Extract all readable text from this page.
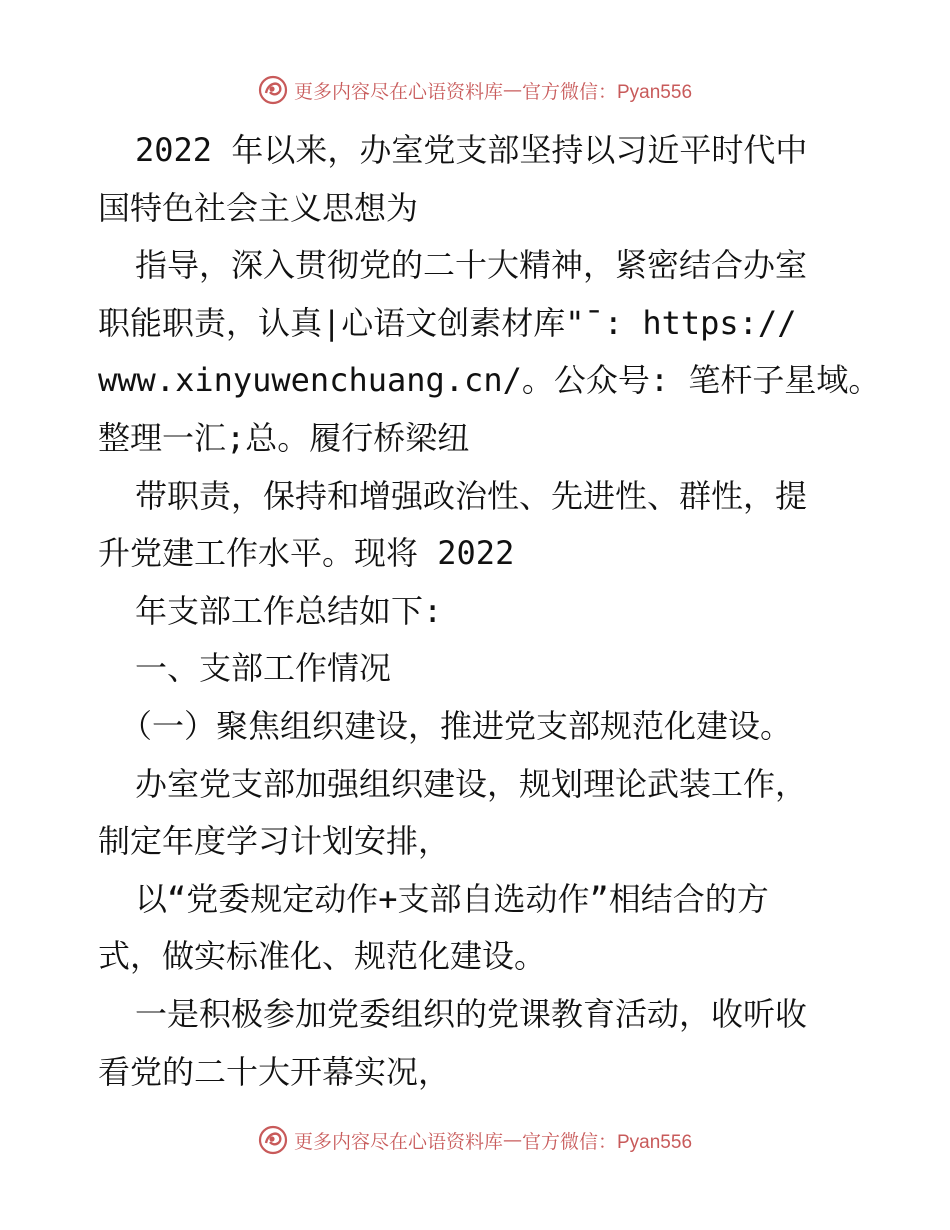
更多内容尽在心语资料库 — 官方微信：Pyan556
2022 年以来，办室党支部坚持以习近平时代中
国特色社会主义思想为
指导，深入贯彻党的二十大精神，紧密结合办室
职能职责，认真|心语文创素材库"¯: https://
www.xinyuwenchuang.cn/。公众号: 笔杆子星域。
整理一汇;总。履行桥梁纽
带职责，保持和增强政治性、先进性、群性，提
升党建工作水平。现将 2022
年支部工作总结如下:
一、支部工作情况
（一）聚焦组织建设，推进党支部规范化建设。
办室党支部加强组织建设，规划理论武装工作，
制定年度学习计划安排，
以“党委规定动作+支部自选动作”相结合的方
式，做实标准化、规范化建设。
一是积极参加党委组织的党课教育活动，收听收
看党的二十大开幕实况，
更多内容尽在心语资料库 — 官方微信：Pyan556
